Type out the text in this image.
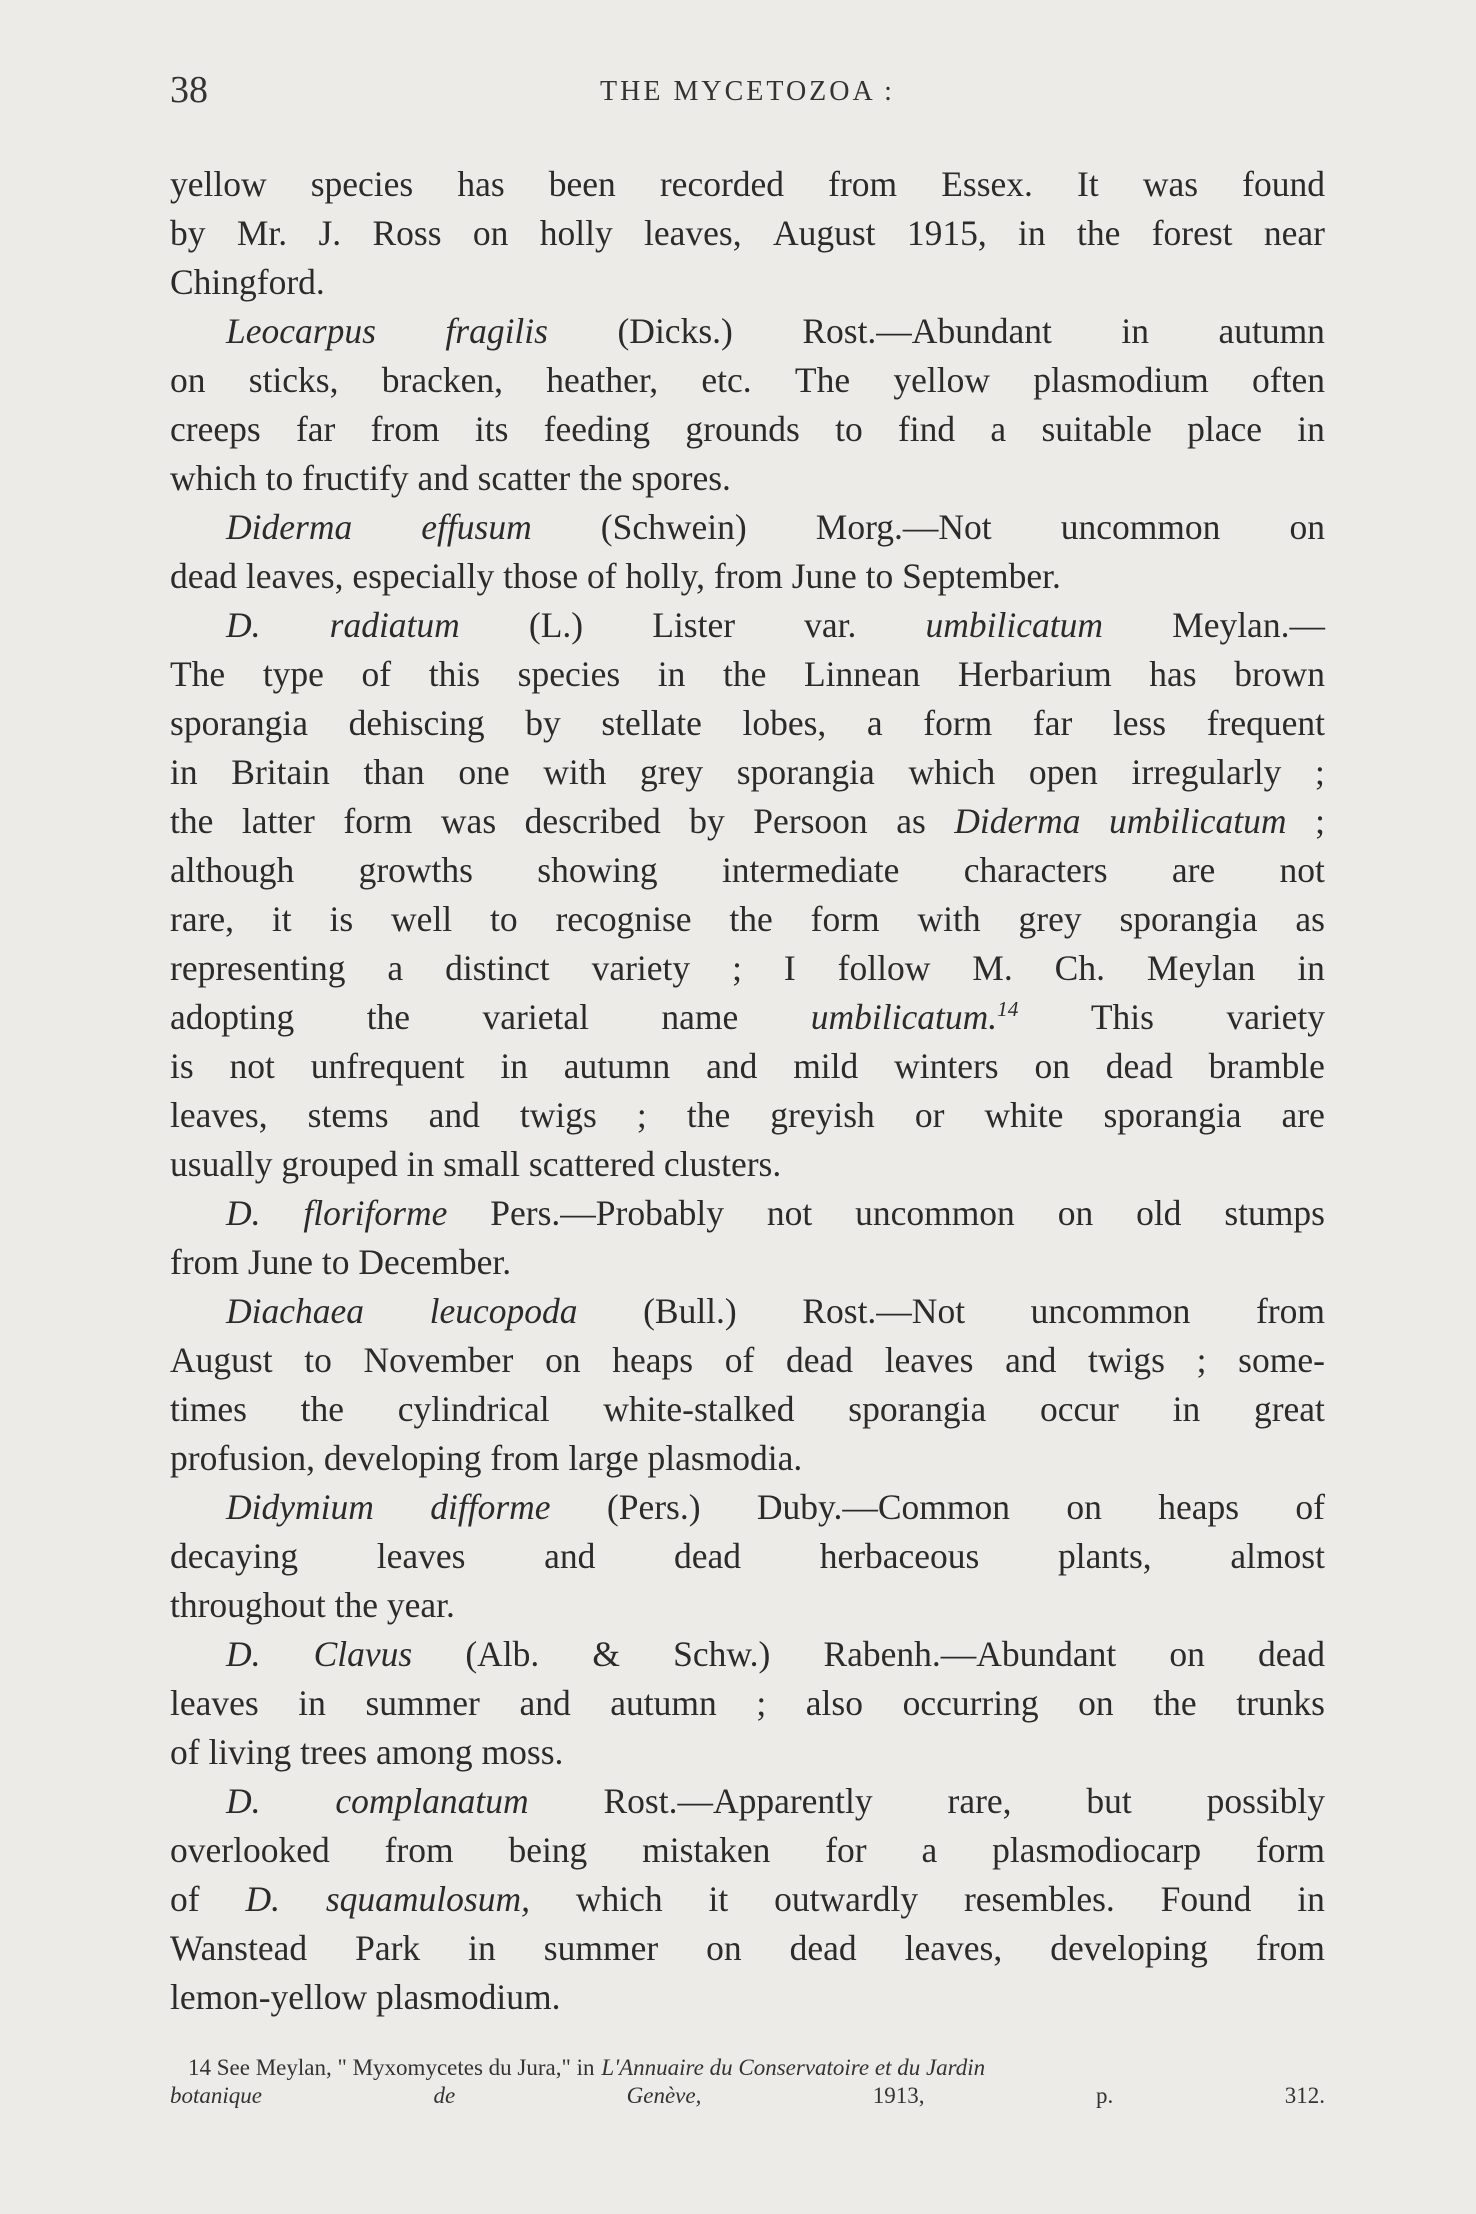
38	THE MYCETOZOA :
yellow species has been recorded from Essex. It was found
by Mr. J. Ross on holly leaves, August 1915, in the forest near
Chingford.
Leocarpus fragilis (Dicks.) Rost.—Abundant in autumn
on sticks, bracken, heather, etc. The yellow plasmodium often
creeps far from its feeding grounds to find a suitable place in
which to fructify and scatter the spores.
Diderma effusum (Schwein) Morg.—Not uncommon on
dead leaves, especially those of holly, from June to September.
D. radiatum (L.) Lister var. umbilicatum Meylan.—
The type of this species in the Linnean Herbarium has brown
sporangia dehiscing by stellate lobes, a form far less frequent
in Britain than one with grey sporangia which open irregularly ;
the latter form was described by Persoon as Diderma umbilicatum ;
although growths showing intermediate characters are not
rare, it is well to recognise the form with grey sporangia as
representing a distinct variety ; I follow M. Ch. Meylan in
adopting the varietal name umbilicatum.$^{14}$ This variety
is not unfrequent in autumn and mild winters on dead bramble
leaves, stems and twigs ; the greyish or white sporangia are
usually grouped in small scattered clusters.
D. floriforme Pers.—Probably not uncommon on old stumps
from June to December.
Diachaea leucopoda (Bull.) Rost.—Not uncommon from
August to November on heaps of dead leaves and twigs ; some-
times the cylindrical white-stalked sporangia occur in great
profusion, developing from large plasmodia.
Didymium difforme (Pers.) Duby.—Common on heaps of
decaying leaves and dead herbaceous plants, almost
throughout the year.
D. Clavus (Alb. & Schw.) Rabenh.—Abundant on dead
leaves in summer and autumn ; also occurring on the trunks
of living trees among moss.
D. complanatum Rost.—Apparently rare, but possibly
overlooked from being mistaken for a plasmodiocarp form
of D. squamulosum, which it outwardly resembles. Found in
Wanstead Park in summer on dead leaves, developing from
lemon-yellow plasmodium.
14 See Meylan, " Myxomycetes du Jura," in L'Annuaire du Conservatoire et du Jardin
botanique	de	Genève,	1913,	p.	312.
